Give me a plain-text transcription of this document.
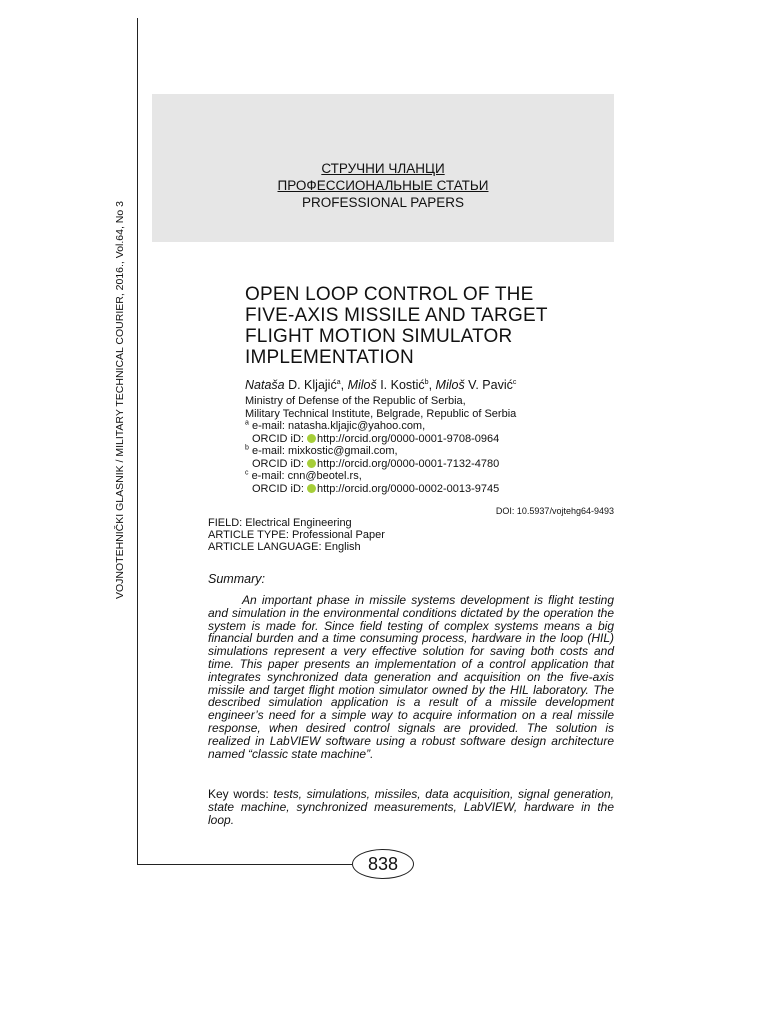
VOJNOTEHNIČKI GLASNIK / MILITARY TECHNICAL COURIER, 2016., Vol.64, No 3
СТРУЧНИ ЧЛАНЦИ
ПРОФЕССИОНАЛЬНЫЕ СТАТЬИ
PROFESSIONAL PAPERS
OPEN LOOP CONTROL OF THE
FIVE-AXIS MISSILE AND TARGET
FLIGHT MOTION SIMULATOR
IMPLEMENTATION
Nataša D. Kljajić$^a$, Miloš I. Kostić$^b$, Miloš V. Pavić$^c$
Ministry of Defense of the Republic of Serbia,
Military Technical Institute, Belgrade, Republic of Serbia
$^a$ e-mail: natasha.kljajic@yahoo.com,
ORCID iD: http://orcid.org/0000-0001-9708-0964
$^b$ e-mail: mixkostic@gmail.com,
ORCID iD: http://orcid.org/0000-0001-7132-4780
$^c$ e-mail: cnn@beotel.rs,
ORCID iD: http://orcid.org/0000-0002-0013-9745
DOI: 10.5937/vojtehg64-9493
FIELD: Electrical Engineering
ARTICLE TYPE: Professional Paper
ARTICLE LANGUAGE: English
Summary:

An important phase in missile systems development is flight testing and simulation in the environmental conditions dictated by the operation the system is made for. Since field testing of complex systems means a big financial burden and a time consuming process, hardware in the loop (HIL) simulations represent a very effective solution for saving both costs and time. This paper presents an implementation of a control application that integrates synchronized data generation and acquisition on the five-axis missile and target flight motion simulator owned by the HIL laboratory. The described simulation application is a result of a missile development engineer’s need for a simple way to acquire information on a real missile response, when desired control signals are provided. The solution is realized in LabVIEW software using a robust software design architecture named “classic state machine”.

Key words: tests, simulations, missiles, data acquisition, signal generation, state machine, synchronized measurements, LabVIEW, hardware in the loop.

838
